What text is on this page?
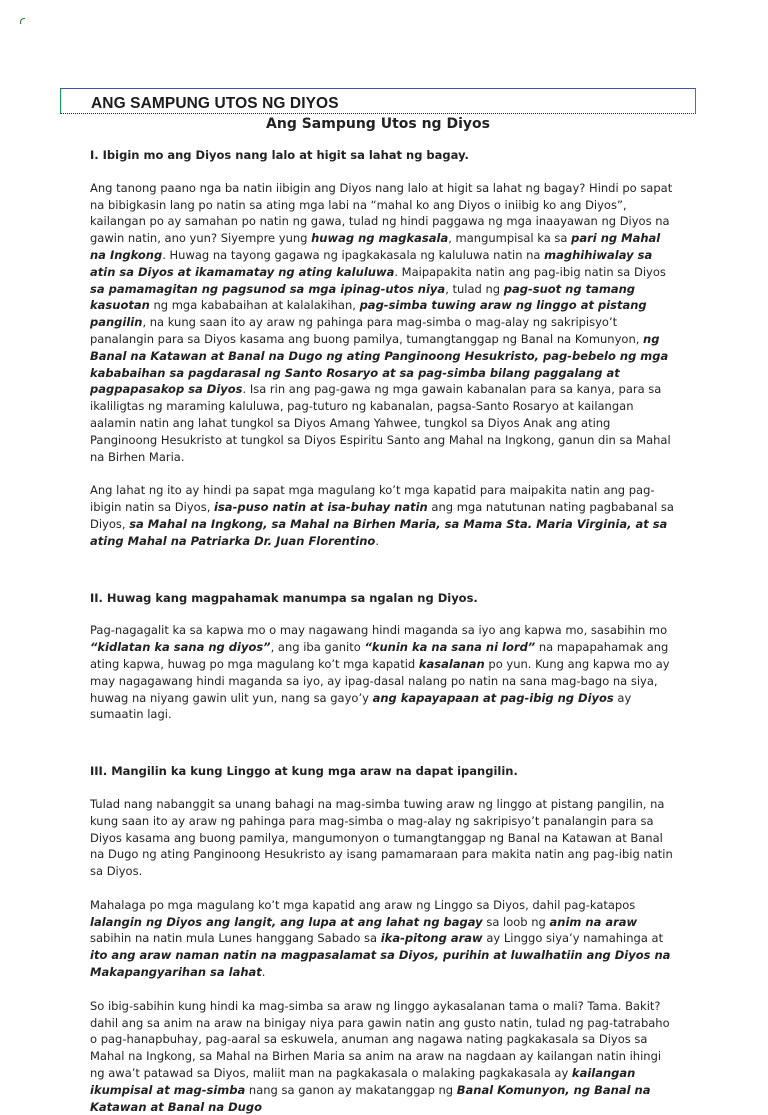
ANG SAMPUNG UTOS NG DIYOS
Ang Sampung Utos ng Diyos
I. Ibigin mo ang Diyos nang lalo at higit sa lahat ng bagay.

Ang tanong paano nga ba natin iibigin ang Diyos nang lalo at higit sa lahat ng bagay? Hindi po sapat na bibigkasin lang po natin sa ating mga labi na “mahal ko ang Diyos o iniibig ko ang Diyos”, kailangan po ay samahan po natin ng gawa, tulad ng hindi paggawa ng mga inaayawan ng Diyos na gawin natin, ano yun? Siyempre yung huwag ng magkasala, mangumpisal ka sa pari ng Mahal na Ingkong. Huwag na tayong gagawa ng ipagkakasala ng kaluluwa natin na maghihiwalay sa atin sa Diyos at ikamamatay ng ating kaluluwa. Maipapakita natin ang pag-ibig natin sa Diyos sa pamamagitan ng pagsunod sa mga ipinag-utos niya, tulad ng pag-suot ng tamang kasuotan ng mga kababaihan at kalalakihan, pag-simba tuwing araw ng linggo at pistang pangilin, na kung saan ito ay araw ng pahinga para mag-simba o mag-alay ng sakripisyo’t panalangin para sa Diyos kasama ang buong pamilya, tumangtanggap ng Banal na Komunyon, ng Banal na Katawan at Banal na Dugo ng ating Panginoong Hesukristo, pag-bebelo ng mga kababaihan sa pagdarasal ng Santo Rosaryo at sa pag-simba bilang paggalang at pagpapasakop sa Diyos. Isa rin ang pag-gawa ng mga gawain kabanalan para sa kanya, para sa ikaliligtas ng maraming kaluluwa, pag-tuturo ng kabanalan, pagsa-Santo Rosaryo at kailangan aalamin natin ang lahat tungkol sa Diyos Amang Yahwee, tungkol sa Diyos Anak ang ating Panginoong Hesukristo at tungkol sa Diyos Espiritu Santo ang Mahal na Ingkong, ganun din sa Mahal na Birhen Maria.

Ang lahat ng ito ay hindi pa sapat mga magulang ko’t mga kapatid para maipakita natin ang pag-ibigin natin sa Diyos, isa-puso natin at isa-buhay natin ang mga natutunan nating pagbabanal sa Diyos, sa Mahal na Ingkong, sa Mahal na Birhen Maria, sa Mama Sta. Maria Virginia, at sa ating Mahal na Patriarka Dr. Juan Florentino.

II. Huwag kang magpahamak manumpa sa ngalan ng Diyos.

Pag-nagagalit ka sa kapwa mo o may nagawang hindi maganda sa iyo ang kapwa mo, sasabihin mo “kidlatan ka sana ng diyos”, ang iba ganito “kunin ka na sana ni lord” na mapapahamak ang ating kapwa, huwag po mga magulang ko’t mga kapatid kasalanan po yun. Kung ang kapwa mo ay may nagagawang hindi maganda sa iyo, ay ipag-dasal nalang po natin na sana mag-bago na siya, huwag na niyang gawin ulit yun, nang sa gayo’y ang kapayapaan at pag-ibig ng Diyos ay sumaatin lagi.

III. Mangilin ka kung Linggo at kung mga araw na dapat ipangilin.

Tulad nang nabanggit sa unang bahagi na mag-simba tuwing araw ng linggo at pistang pangilin, na kung saan ito ay araw ng pahinga para mag-simba o mag-alay ng sakripisyo’t panalangin para sa Diyos kasama ang buong pamilya, mangumonyon o tumangtanggap ng Banal na Katawan at Banal na Dugo ng ating Panginoong Hesukristo ay isang pamamaraan para makita natin ang pag-ibig natin sa Diyos.

Mahalaga po mga magulang ko’t mga kapatid ang araw ng Linggo sa Diyos, dahil pag-katapos lalangin ng Diyos ang langit, ang lupa at ang lahat ng bagay sa loob ng anim na araw sabihin na natin mula Lunes hanggang Sabado sa ika-pitong araw ay Linggo siya’y namahinga at ito ang araw naman natin na magpasalamat sa Diyos, purihin at luwalhatiin ang Diyos na Makapangyarihan sa lahat.

So ibig-sabihin kung hindi ka mag-simba sa araw ng linggo aykasalanan tama o mali? Tama. Bakit? dahil ang sa anim na araw na binigay niya para gawin natin ang gusto natin, tulad ng pag-tatrabaho o pag-hanapbuhay, pag-aaral sa eskuwela, anuman ang nagawa nating pagkakasala sa Diyos sa Mahal na Ingkong, sa Mahal na Birhen Maria sa anim na araw na nagdaan ay kailangan natin ihingi ng awa’t patawad sa Diyos, maliit man na pagkakasala o malaking pagkakasala ay kailangan ikumpisal at mag-simba nang sa ganon ay makatanggap ng Banal Komunyon, ng Banal na Katawan at Banal na Dugo
